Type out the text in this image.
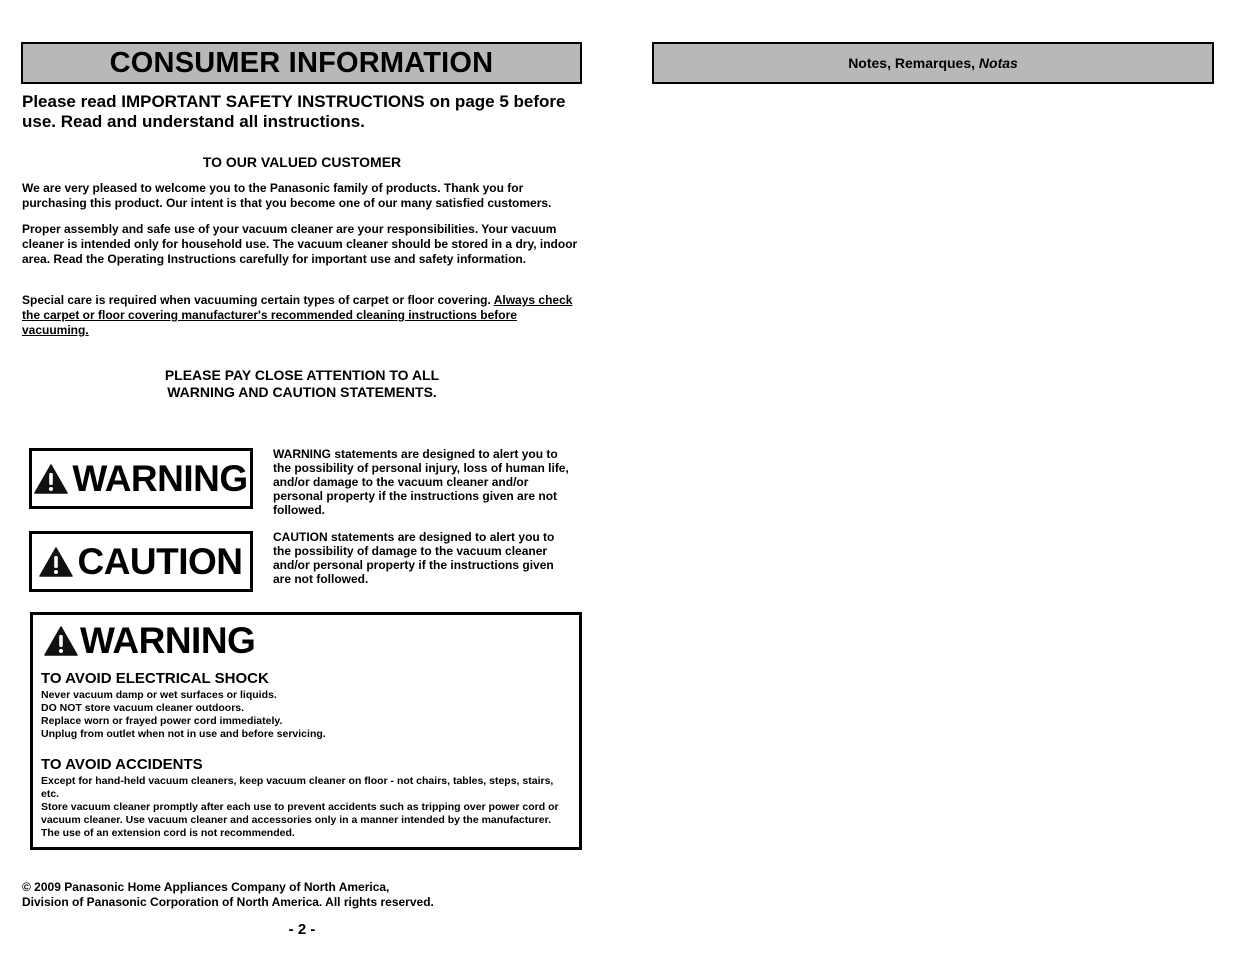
CONSUMER INFORMATION	Notes, Remarques, Notas
Please read IMPORTANT SAFETY INSTRUCTIONS on page 5 before use. Read and understand all instructions.
TO OUR VALUED CUSTOMER
We are very pleased to welcome you to the Panasonic family of products. Thank you for purchasing this product. Our intent is that you become one of our many satisfied customers.
Proper assembly and safe use of your vacuum cleaner are your responsibilities. Your vacuum cleaner is intended only for household use. The vacuum cleaner should be stored in a dry, indoor area. Read the Operating Instructions carefully for important use and safety information.
Special care is required when vacuuming certain types of carpet or floor covering. Always check the carpet or floor covering manufacturer's recommended cleaning instructions before vacuuming.
PLEASE PAY CLOSE ATTENTION TO ALL
WARNING AND CAUTION STATEMENTS.
WARNING
WARNING statements are designed to alert you to the possibility of personal injury, loss of human life, and/or damage to the vacuum cleaner and/or personal property if the instructions given are not followed.
CAUTION
CAUTION statements are designed to alert you to the possibility of damage to the vacuum cleaner and/or personal property if the instructions given are not followed.
WARNING
TO AVOID ELECTRICAL SHOCK
Never vacuum damp or wet surfaces or liquids.
DO NOT store vacuum cleaner outdoors.
Replace worn or frayed power cord immediately.
Unplug from outlet when not in use and before servicing.
TO AVOID ACCIDENTS
Except for hand-held vacuum cleaners, keep vacuum cleaner on floor - not chairs, tables, steps, stairs, etc.
Store vacuum cleaner promptly after each use to prevent accidents such as tripping over power cord or vacuum cleaner. Use vacuum cleaner and accessories only in a manner intended by the manufacturer. The use of an extension cord is not recommended.
© 2009 Panasonic Home Appliances Company of North America,
Division of Panasonic Corporation of North America. All rights reserved.
- 2 -
